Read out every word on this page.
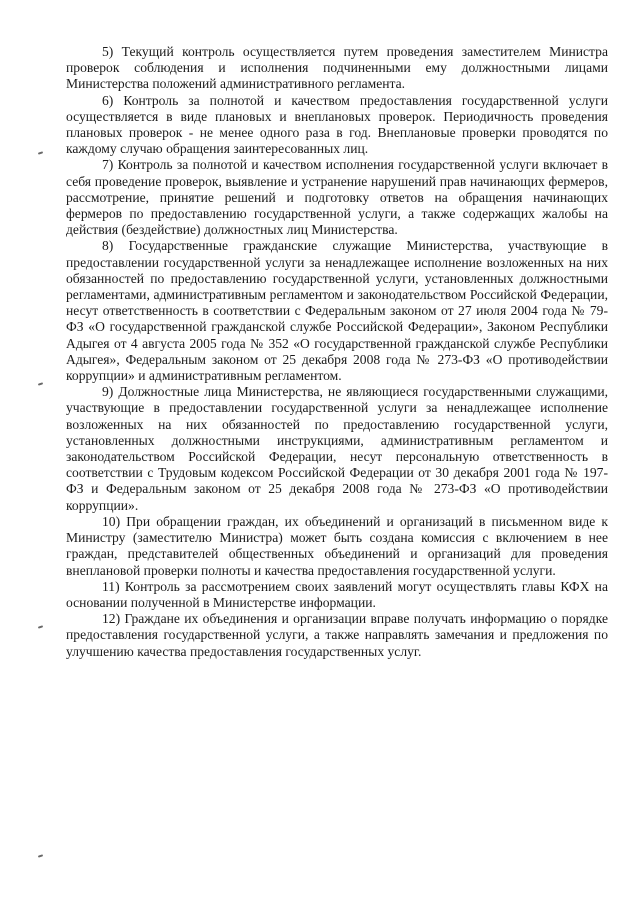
5) Текущий контроль осуществляется путем проведения заместителем Министра проверок соблюдения и исполнения подчиненными ему должностными лицами Министерства положений административного регламента.

6) Контроль за полнотой и качеством предоставления государственной услуги осуществляется в виде плановых и внеплановых проверок. Периодичность проведения плановых проверок - не менее одного раза в год. Внеплановые проверки проводятся по каждому случаю обращения заинтересованных лиц.

7) Контроль за полнотой и качеством исполнения государственной услуги включает в себя проведение проверок, выявление и устранение нарушений прав начинающих фермеров, рассмотрение, принятие решений и подготовку ответов на обращения начинающих фермеров по предоставлению государственной услуги, а также содержащих жалобы на действия (бездействие) должностных лиц Министерства.

8) Государственные гражданские служащие Министерства, участвующие в предоставлении государственной услуги за ненадлежащее исполнение возложенных на них обязанностей по предоставлению государственной услуги, установленных должностными регламентами, административным регламентом и законодательством Российской Федерации, несут ответственность в соответствии с Федеральным законом от 27 июля 2004 года № 79-ФЗ «О государственной гражданской службе Российской Федерации», Законом Республики Адыгея от 4 августа 2005 года № 352 «О государственной гражданской службе Республики Адыгея», Федеральным законом от 25 декабря 2008 года № 273-ФЗ «О противодействии коррупции» и административным регламентом.

9) Должностные лица Министерства, не являющиеся государственными служащими, участвующие в предоставлении государственной услуги за ненадлежащее исполнение возложенных на них обязанностей по предоставлению государственной услуги, установленных должностными инструкциями, административным регламентом и законодательством Российской Федерации, несут персональную ответственность в соответствии с Трудовым кодексом Российской Федерации от 30 декабря 2001 года № 197-ФЗ и Федеральным законом от 25 декабря 2008 года № 273-ФЗ «О противодействии коррупции».

10) При обращении граждан, их объединений и организаций в письменном виде к Министру (заместителю Министра) может быть создана комиссия с включением в нее граждан, представителей общественных объединений и организаций для проведения внеплановой проверки полноты и качества предоставления государственной услуги.

11) Контроль за рассмотрением своих заявлений могут осуществлять главы КФХ на основании полученной в Министерстве информации.

12) Граждане их объединения и организации вправе получать информацию о порядке предоставления государственной услуги, а также направлять замечания и предложения по улучшению качества предоставления государственных услуг.
